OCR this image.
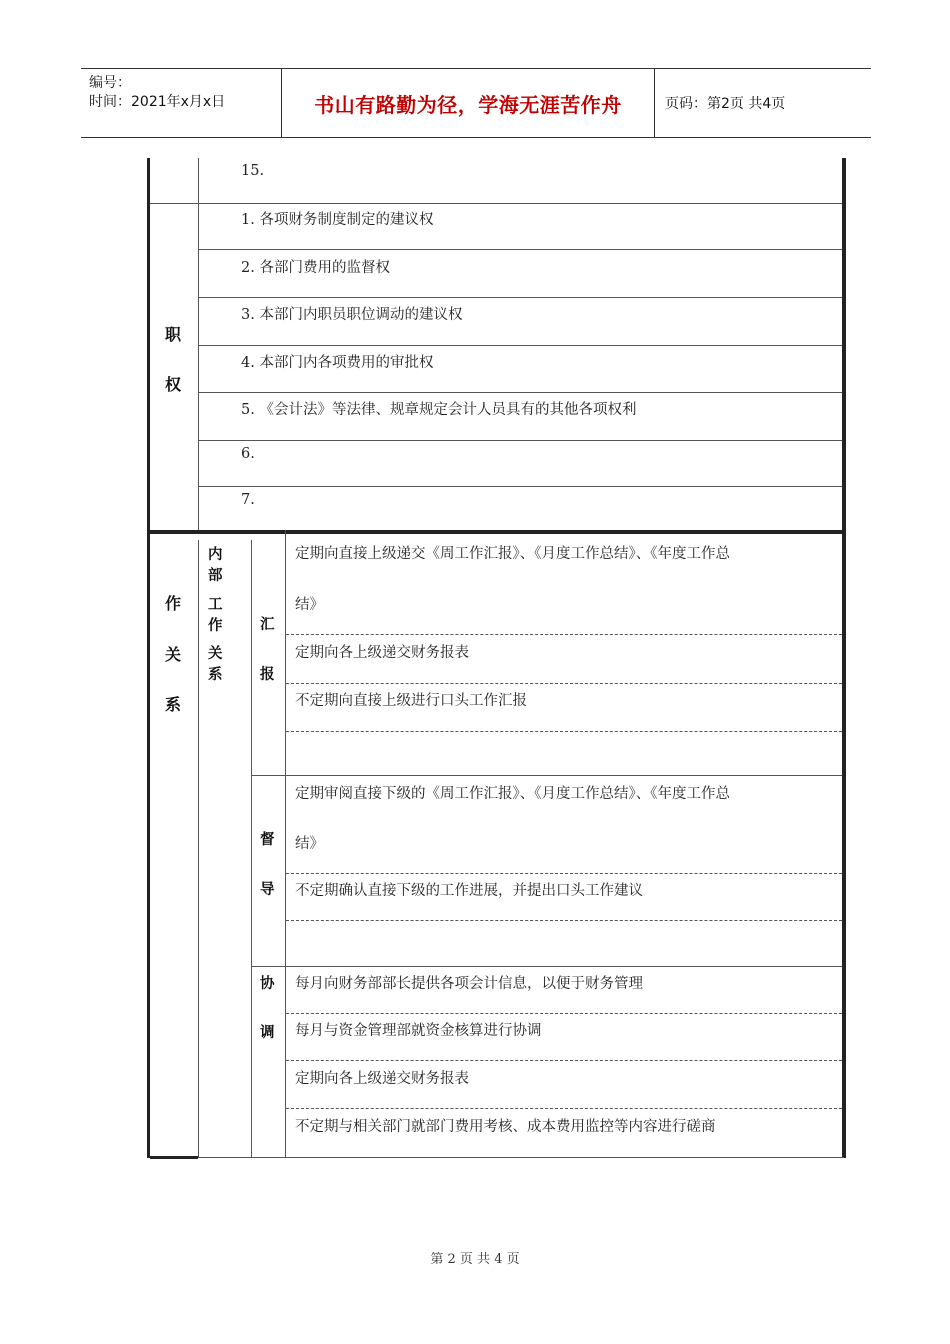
编号：
时间：2021年x月x日	书山有路勤为径，学海无涯苦作舟	页码：第2页 共4页
15.
职
权
1. 各项财务制度制定的建议权
2. 各部门费用的监督权
3. 本部门内职员职位调动的建议权
4. 本部门内各项费用的审批权
5. 《会计法》等法律、规章规定会计人员具有的其他各项权利
6.
7.
作
关
系
内部
工作
关系
汇
报
定期向直接上级递交《周工作汇报》、《月度工作总结》、《年度工作总
结》
定期向各上级递交财务报表
不定期向直接上级进行口头工作汇报
督
导
定期审阅直接下级的《周工作汇报》、《月度工作总结》、《年度工作总
结》
不定期确认直接下级的工作进展，并提出口头工作建议
协
调
每月向财务部部长提供各项会计信息，以便于财务管理
每月与资金管理部就资金核算进行协调
定期向各上级递交财务报表
不定期与相关部门就部门费用考核、成本费用监控等内容进行磋商
第 2 页 共 4 页
